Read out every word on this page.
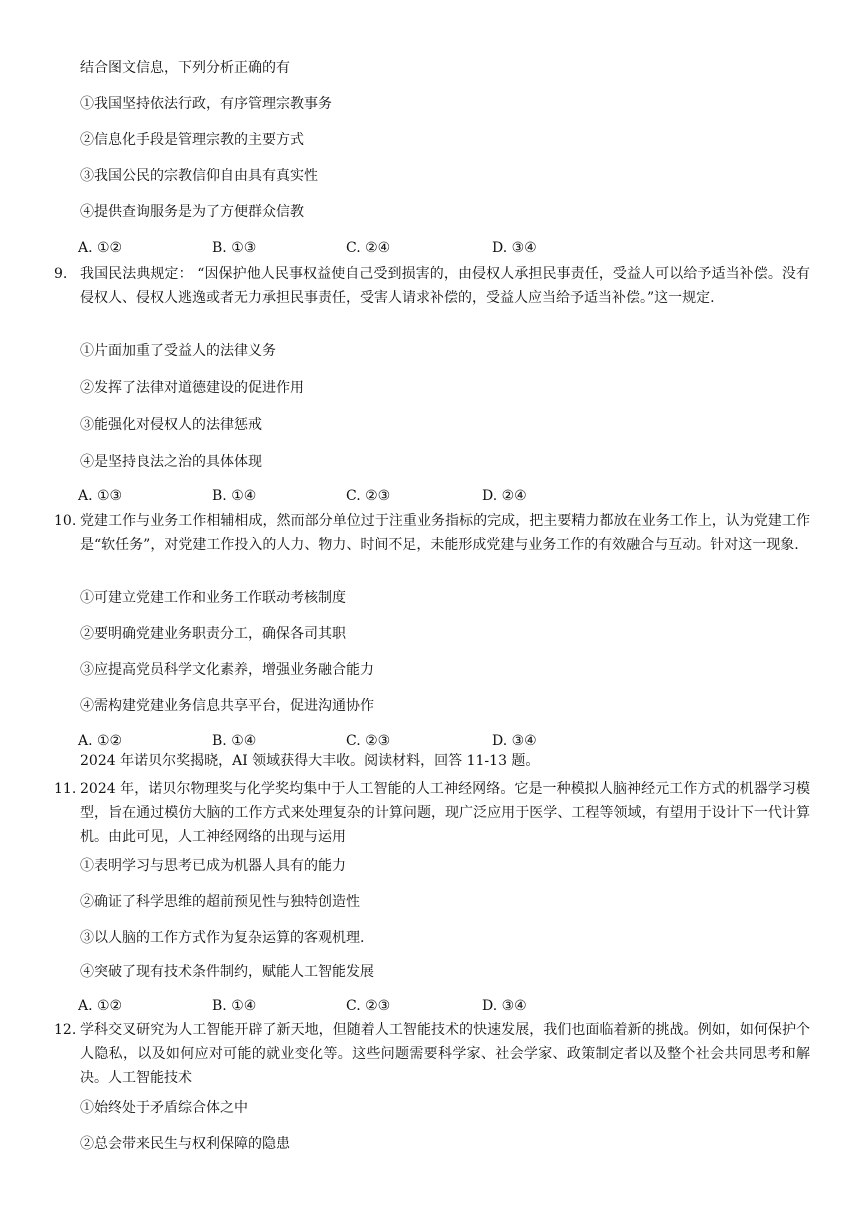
结合图文信息，下列分析正确的有
①我国坚持依法行政，有序管理宗教事务
②信息化手段是管理宗教的主要方式
③我国公民的宗教信仰自由具有真实性
④提供查询服务是为了方便群众信教
A. ①②	B. ①③	C. ②④	D. ③④
9. 我国民法典规定： “因保护他人民事权益使自己受到损害的，由侵权人承担民事责任，受益人可以给予适当补偿。没有侵权人、侵权人逃逸或者无力承担民事责任，受害人请求补偿的，受益人应当给予适当补偿。”这一规定.
①片面加重了受益人的法律义务
②发挥了法律对道德建设的促进作用
③能强化对侵权人的法律惩戒
④是坚持良法之治的具体体现
A. ①③	B. ①④	C. ②③	D. ②④
10. 党建工作与业务工作相辅相成，然而部分单位过于注重业务指标的完成，把主要精力都放在业务工作上，认为党建工作是“软任务”，对党建工作投入的人力、物力、时间不足，未能形成党建与业务工作的有效融合与互动。针对这一现象.
①可建立党建工作和业务工作联动考核制度
②要明确党建业务职责分工，确保各司其职
③应提高党员科学文化素养，增强业务融合能力
④需构建党建业务信息共享平台，促进沟通协作
A. ①②	B. ①④	C. ②③	D. ③④
2024 年诺贝尔奖揭晓，AI 领域获得大丰收。阅读材料，回答 11-13 题。
11. 2024 年，诺贝尔物理奖与化学奖均集中于人工智能的人工神经网络。它是一种模拟人脑神经元工作方式的机器学习模型，旨在通过模仿大脑的工作方式来处理复杂的计算问题，现广泛应用于医学、工程等领域，有望用于设计下一代计算机。由此可见，人工神经网络的出现与运用
①表明学习与思考已成为机器人具有的能力
②确证了科学思维的超前预见性与独特创造性
③以人脑的工作方式作为复杂运算的客观机理.
④突破了现有技术条件制约，赋能人工智能发展
A. ①②	B. ①④	C. ②③	D. ③④
12. 学科交叉研究为人工智能开辟了新天地，但随着人工智能技术的快速发展，我们也面临着新的挑战。例如，如何保护个人隐私，以及如何应对可能的就业变化等。这些问题需要科学家、社会学家、政策制定者以及整个社会共同思考和解决。人工智能技术
①始终处于矛盾综合体之中
②总会带来民生与权利保障的隐患
